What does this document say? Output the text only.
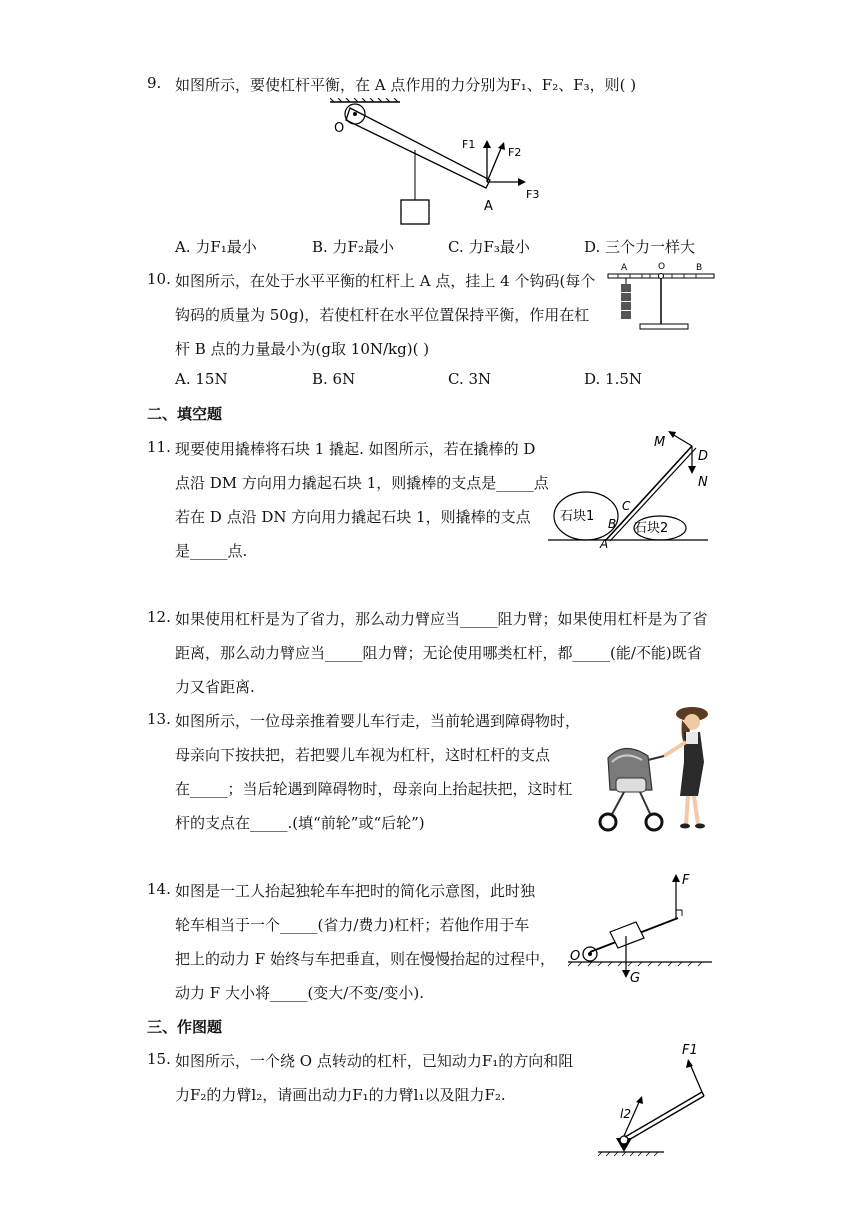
9. 如图所示，要使杠杆平衡，在 A 点作用的力分别为F₁、F₂、F₃，则( )
O
A
F1
F2
F3
A. 力F₁最小	B. 力F₂最小	C. 力F₃最小	D. 三个力一样大
10. 如图所示，在处于水平平衡的杠杆上 A 点，挂上 4 个钩码(每个
钩码的质量为 50g)，若使杠杆在水平位置保持平衡，作用在杠
杆 B 点的力量最小为(g取 10N/kg)( )
A	O	B
A. 15N	B. 6N	C. 3N	D. 1.5N
二、填空题
11. 现要使用撬棒将石块 1 撬起. 如图所示，若在撬棒的 D
点沿 DM 方向用力撬起石块 1，则撬棒的支点是_____点
若在 D 点沿 DN 方向用力撬起石块 1，则撬棒的支点
是_____点.
M
D
N
C
B
A
石块1
石块2
12. 如果使用杠杆是为了省力，那么动力臂应当_____阻力臂；如果使用杠杆是为了省
距离，那么动力臂应当_____阻力臂；无论使用哪类杠杆，都_____(能/不能)既省
力又省距离.
13. 如图所示，一位母亲推着婴儿车行走，当前轮遇到障碍物时，
母亲向下按扶把，若把婴儿车视为杠杆，这时杠杆的支点
在_____；当后轮遇到障碍物时，母亲向上抬起扶把，这时杠
杆的支点在_____.(填“前轮”或“后轮”)
14. 如图是一工人抬起独轮车车把时的简化示意图，此时独
轮车相当于一个_____(省力/费力)杠杆；若他作用于车
把上的动力 F 始终与车把垂直，则在慢慢抬起的过程中，
动力 F 大小将_____(变大/不变/变小).
F
O
G
三、作图题
15. 如图所示，一个绕 O 点转动的杠杆，已知动力F₁的方向和阻
力F₂的力臂l₂，请画出动力F₁的力臂l₁以及阻力F₂.
F1
l2
